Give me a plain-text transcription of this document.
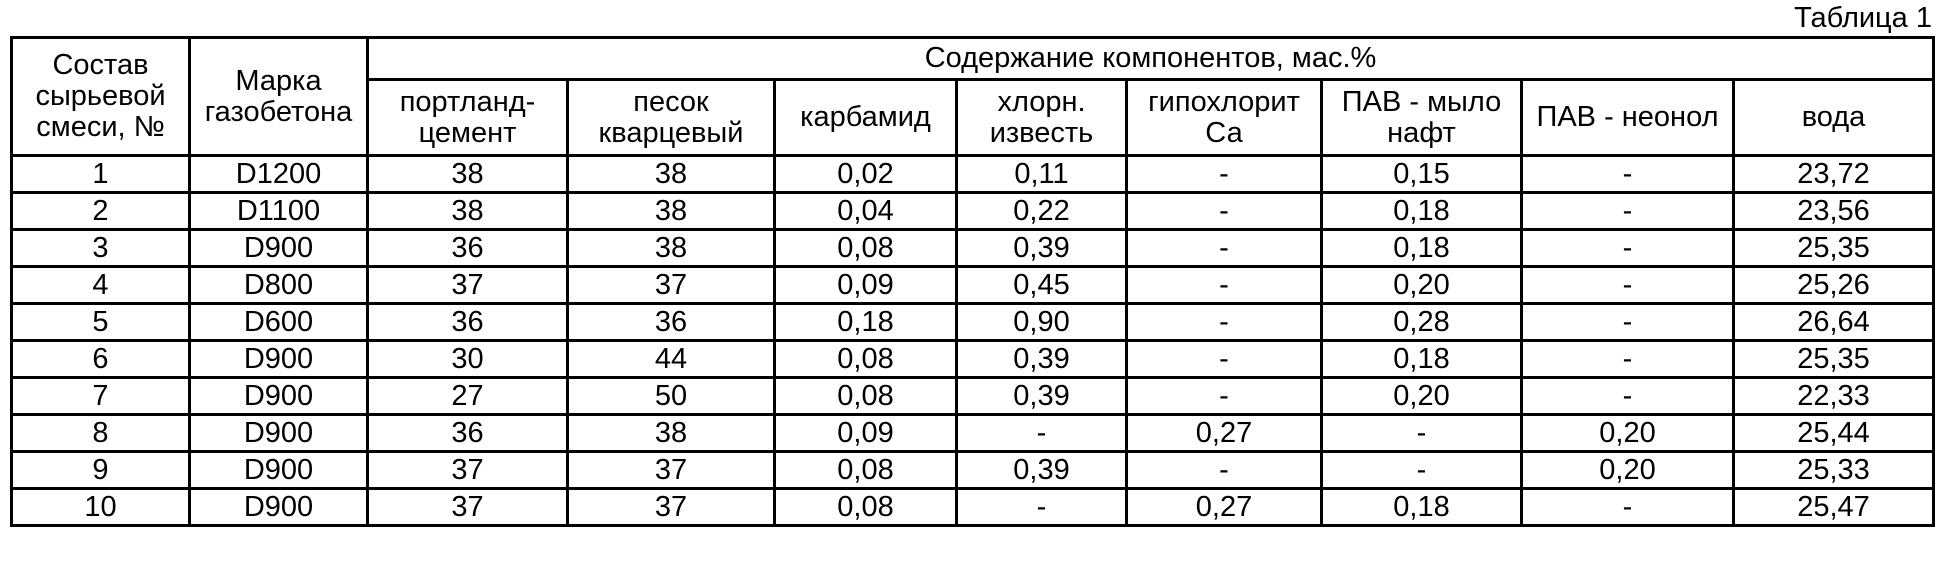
Таблица 1
Состав сырьевой смеси, №	Марка газобетона	Содержание компонентов, мас.%							
		портланд-цемент	песок кварцевый	карбамид	хлорн. известь	гипохлорит Са	ПАВ - мыло нафт	ПАВ - неонол	вода
1	D1200	38	38	0,02	0,11	-	0,15	-	23,72
2	D1100	38	38	0,04	0,22	-	0,18	-	23,56
3	D900	36	38	0,08	0,39	-	0,18	-	25,35
4	D800	37	37	0,09	0,45	-	0,20	-	25,26
5	D600	36	36	0,18	0,90	-	0,28	-	26,64
6	D900	30	44	0,08	0,39	-	0,18	-	25,35
7	D900	27	50	0,08	0,39	-	0,20	-	22,33
8	D900	36	38	0,09	-	0,27	-	0,20	25,44
9	D900	37	37	0,08	0,39	-	-	0,20	25,33
10	D900	37	37	0,08	-	0,27	0,18	-	25,47
